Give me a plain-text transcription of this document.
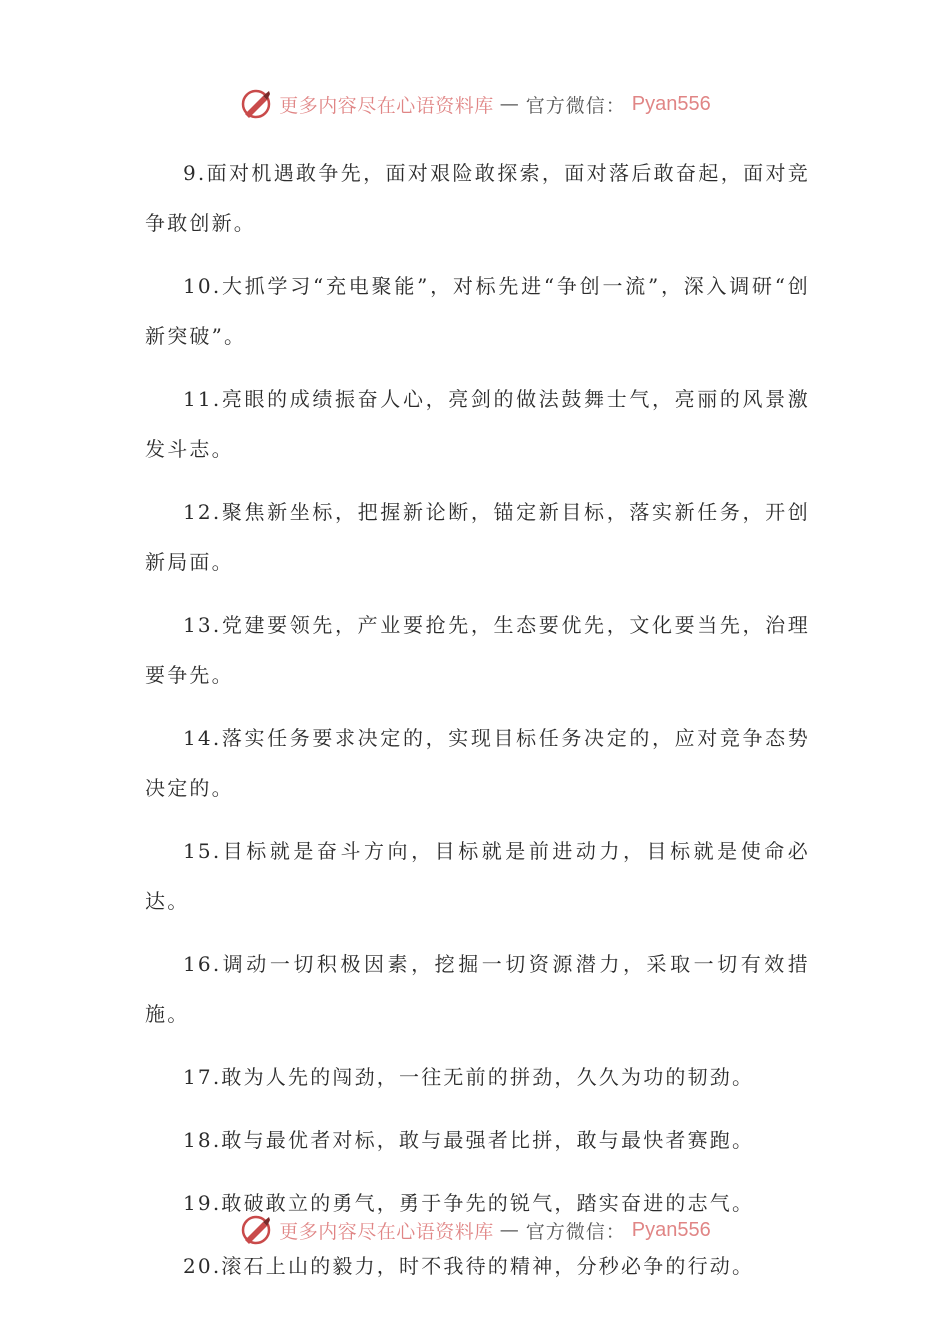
更多内容尽在心语资料库 — 官方微信： Pyan556

9.面对机遇敢争先，面对艰险敢探索，面对落后敢奋起，面对竞争敢创新。

10.大抓学习“充电聚能”，对标先进“争创一流”，深入调研“创新突破”。

11.亮眼的成绩振奋人心，亮剑的做法鼓舞士气，亮丽的风景激发斗志。

12.聚焦新坐标，把握新论断，锚定新目标，落实新任务，开创新局面。

13.党建要领先，产业要抢先，生态要优先，文化要当先，治理要争先。

14.落实任务要求决定的，实现目标任务决定的，应对竞争态势决定的。

15.目标就是奋斗方向，目标就是前进动力，目标就是使命必达。

16.调动一切积极因素，挖掘一切资源潜力，采取一切有效措施。

17.敢为人先的闯劲，一往无前的拼劲，久久为功的韧劲。

18.敢与最优者对标，敢与最强者比拼，敢与最快者赛跑。

19.敢破敢立的勇气，勇于争先的锐气，踏实奋进的志气。

20.滚石上山的毅力，时不我待的精神，分秒必争的行动。

更多内容尽在心语资料库 — 官方微信： Pyan556
